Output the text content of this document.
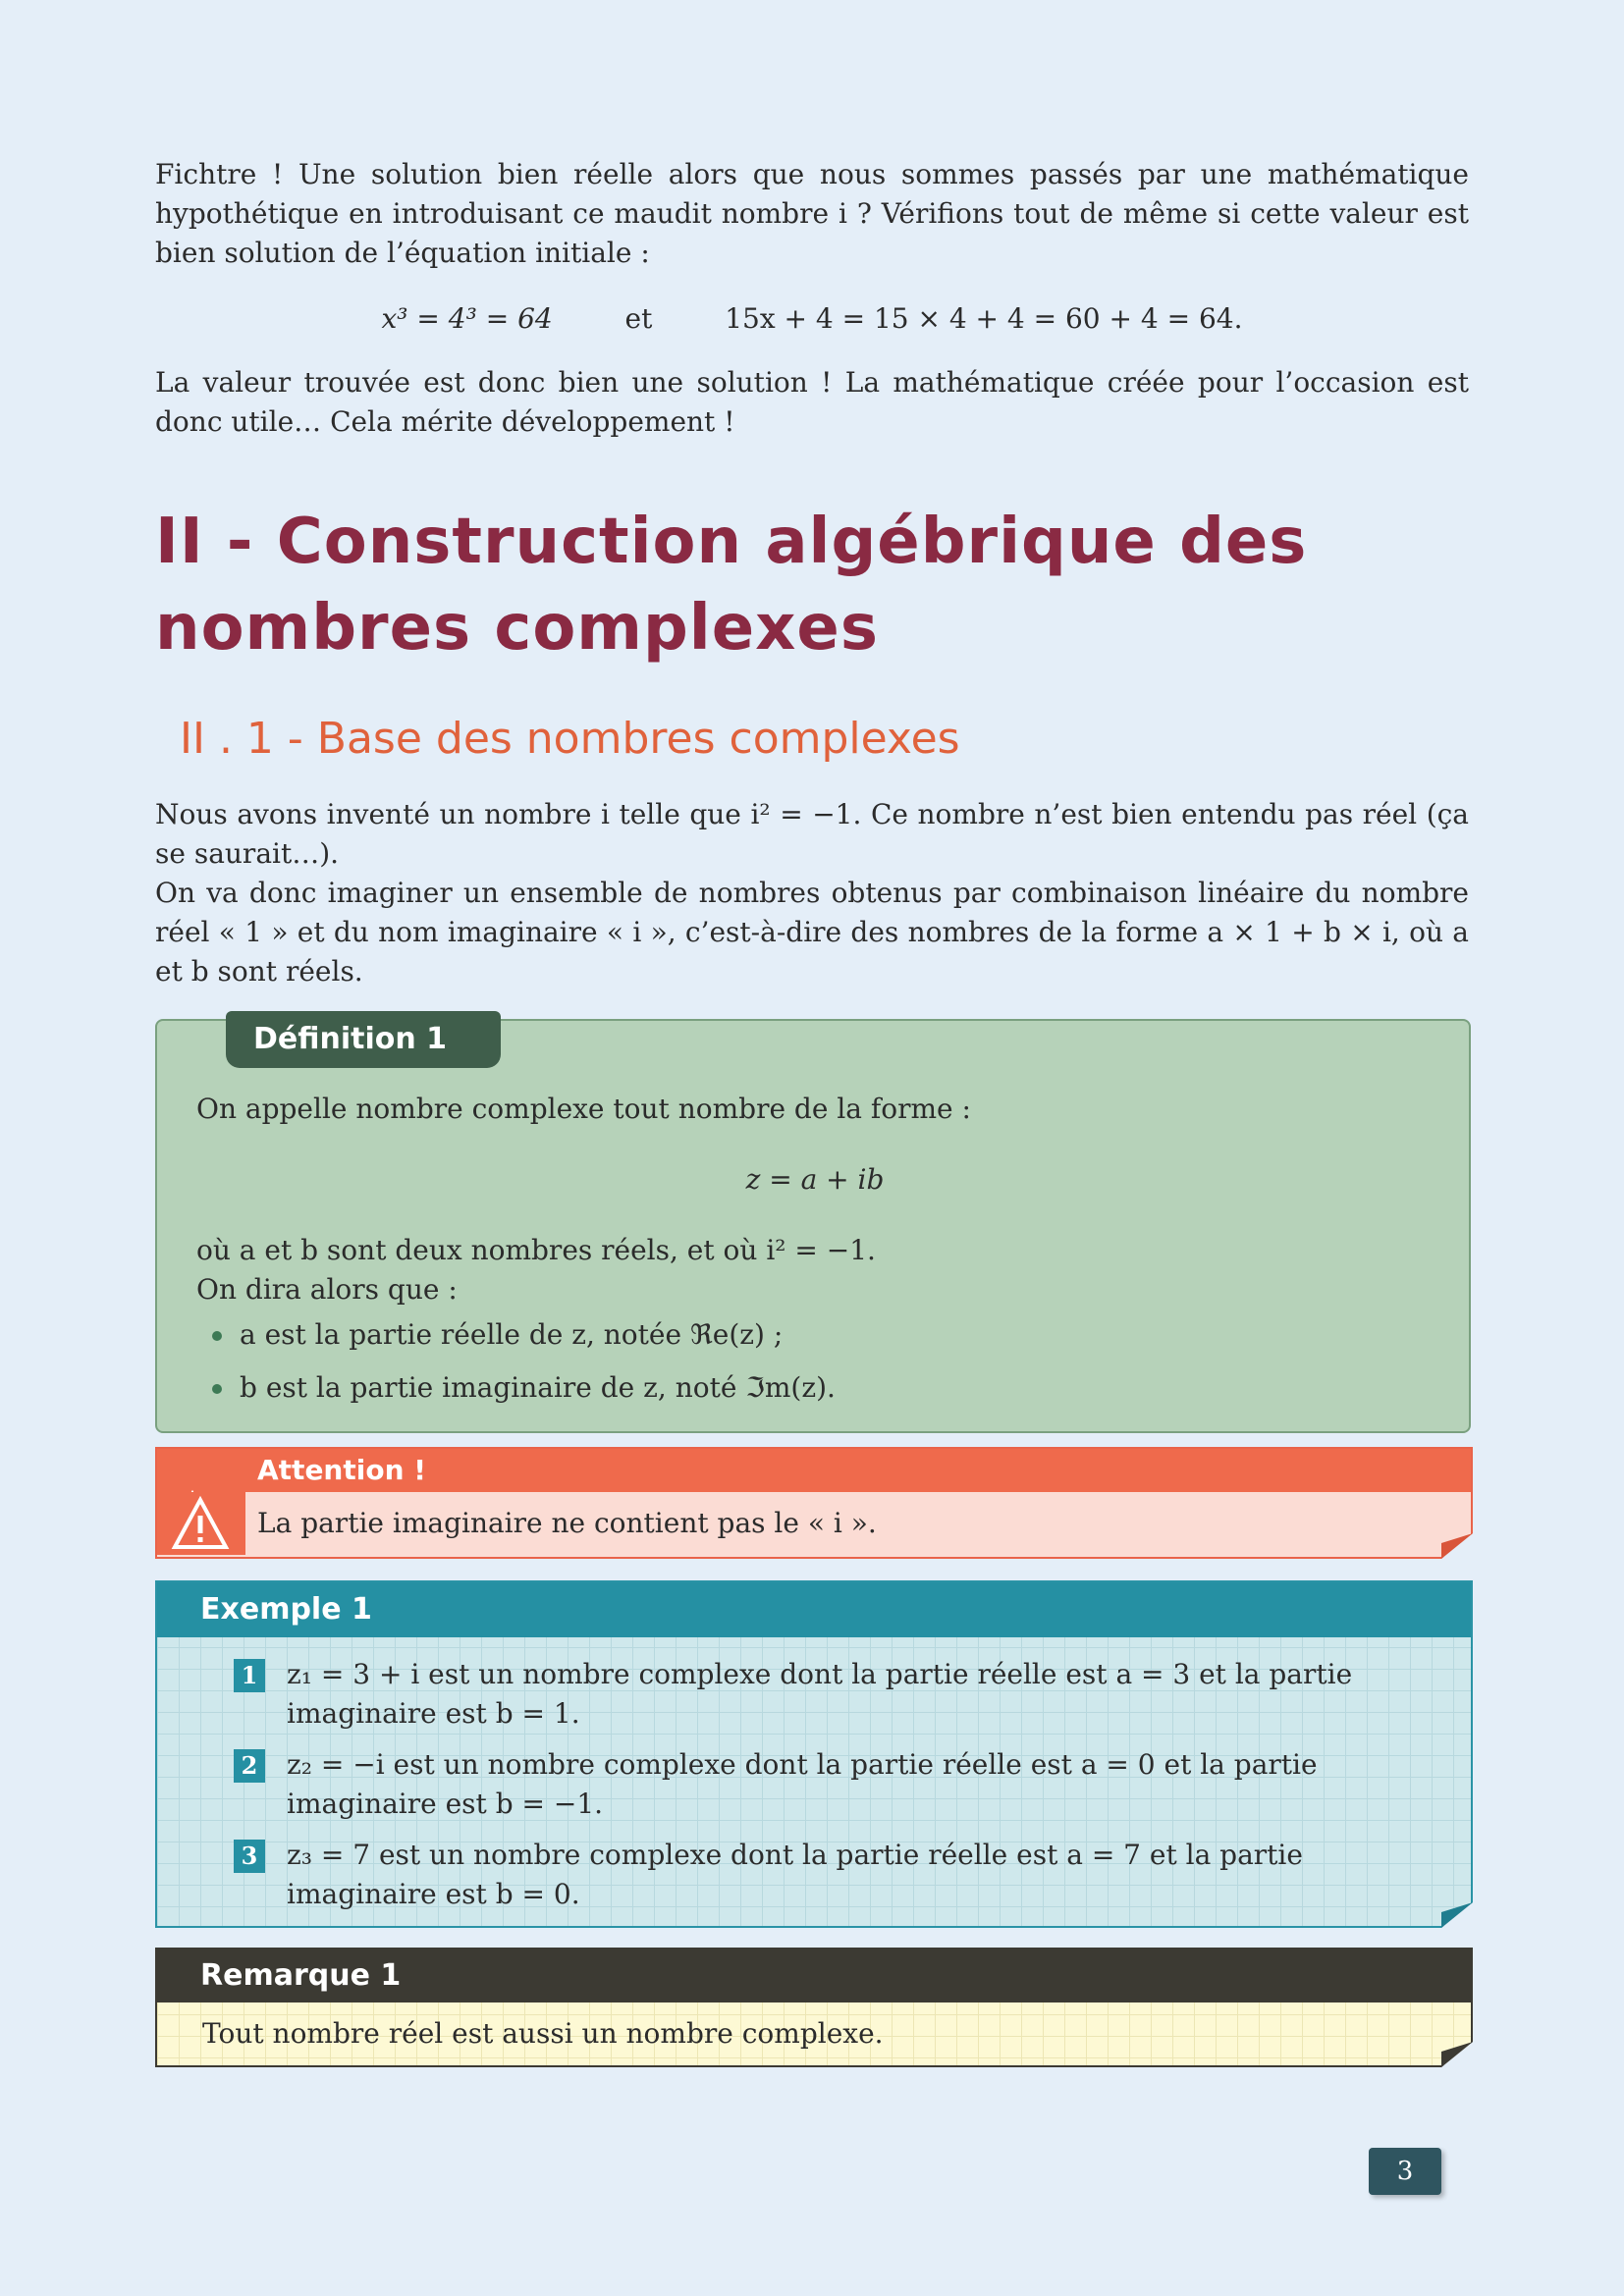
Fichtre ! Une solution bien réelle alors que nous sommes passés par une mathématique hypothétique en introduisant ce maudit nombre i ? Vérifions tout de même si cette valeur est bien solution de l’équation initiale :

x³ = 4³ = 64	et	15x + 4 = 15 × 4 + 4 = 60 + 4 = 64.

La valeur trouvée est donc bien une solution ! La mathématique créée pour l’occasion est donc utile… Cela mérite développement !

II - Construction algébrique des nombres complexes
II . 1 - Base des nombres complexes

Nous avons inventé un nombre i telle que i² = −1. Ce nombre n’est bien entendu pas réel (ça se saurait…).

On va donc imaginer un ensemble de nombres obtenus par combinaison linéaire du nombre réel « 1 » et du nom imaginaire « i », c’est-à-dire des nombres de la forme a × 1 + b × i, où a et b sont réels.

On appelle nombre complexe tout nombre de la forme :

z = a + ib

où a et b sont deux nombres réels, et où i² = −1.

On dira alors que :

a est la partie réelle de z, notée ℜe(z) ;
b est la partie imaginaire de z, noté ℑm(z).
Définition 1
Attention !
La partie imaginaire ne contient pas le « i ».
Exemple 1
1 z₁ = 3 + i est un nombre complexe dont la partie réelle est a = 3 et la partie imaginaire est b = 1.
2 z₂ = −i est un nombre complexe dont la partie réelle est a = 0 et la partie imaginaire est b = −1.
3 z₃ = 7 est un nombre complexe dont la partie réelle est a = 7 et la partie imaginaire est b = 0.
Remarque 1
Tout nombre réel est aussi un nombre complexe.
3
